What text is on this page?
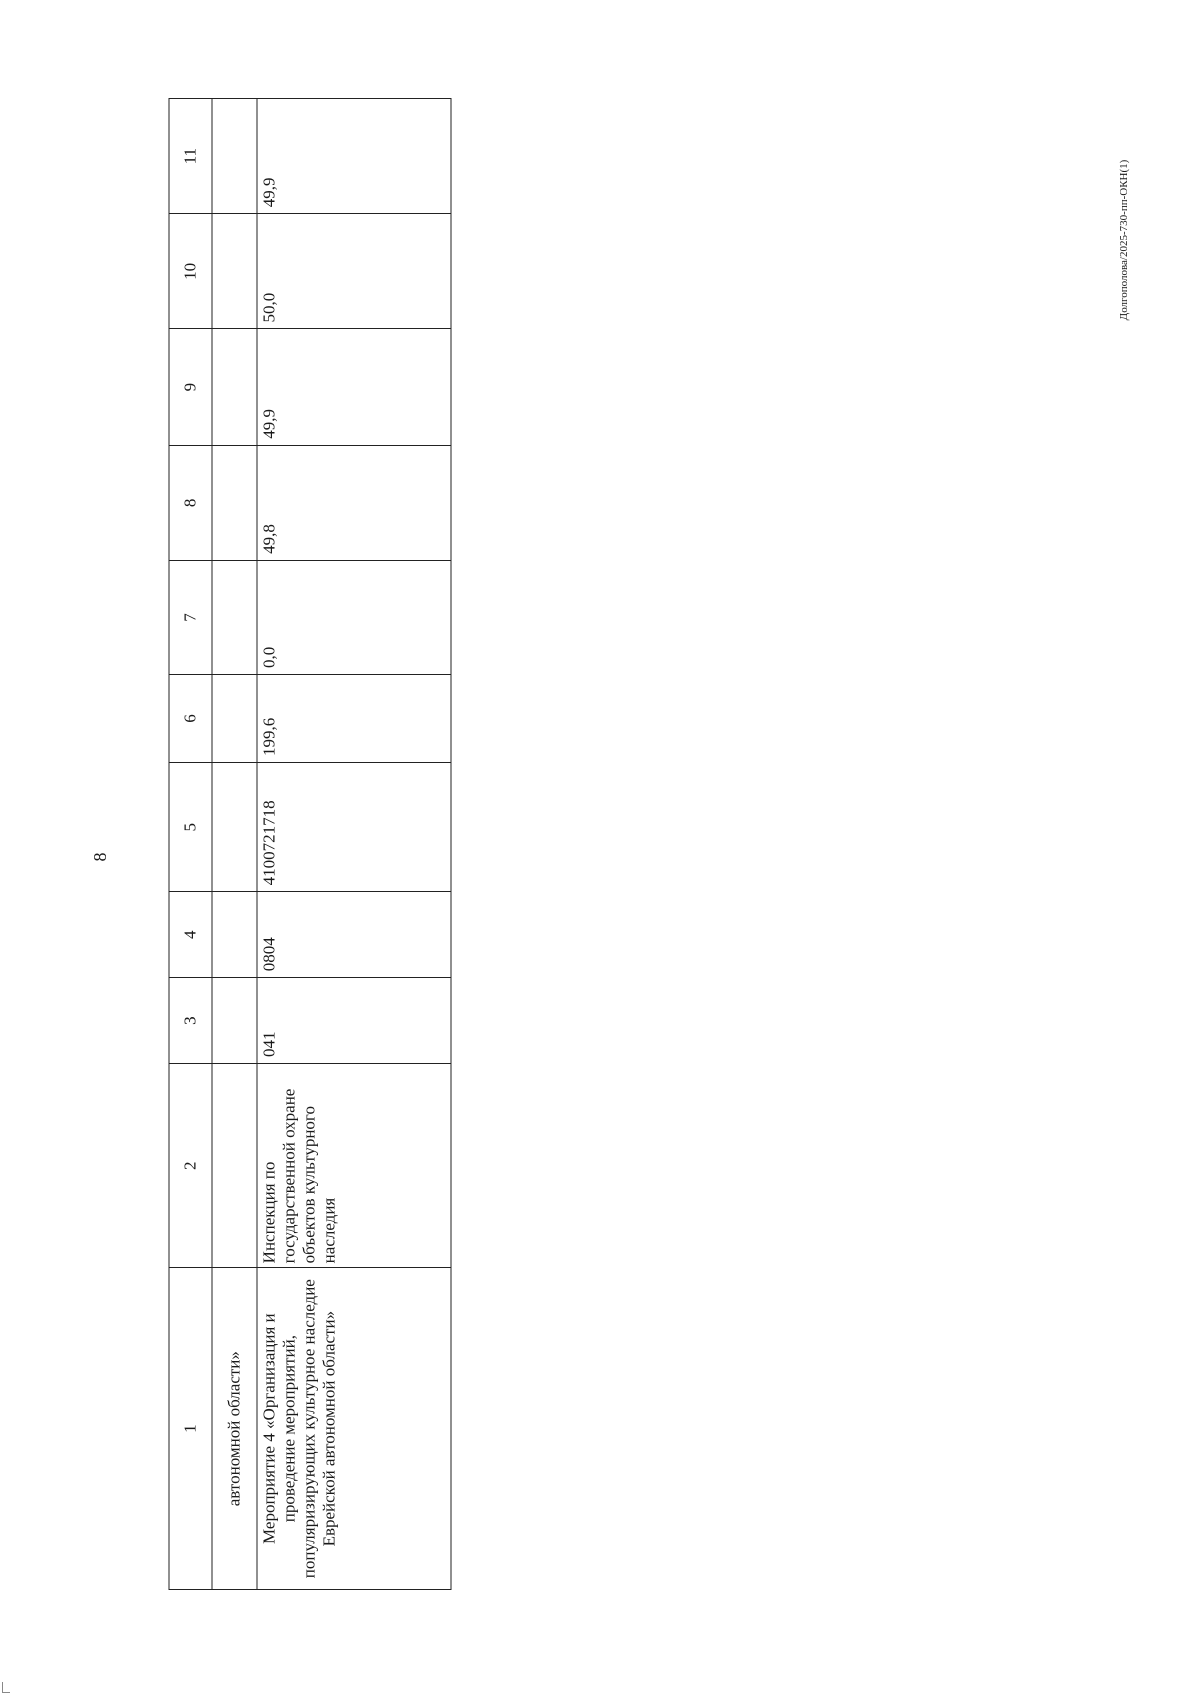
8
Долгополова/2025-730-пп-ОКН(1)
1	2	3	4	5	6	7	8	9	10	11
автономной области»										
Мероприятие 4 «Организация и проведение мероприятий, популяризирующих культурное наследие Еврейской автономной области»	Инспекция по государственной охране объектов культурного наследия	041	0804	4100721718	199,6	0,0	49,8	49,9	50,0	49,9
